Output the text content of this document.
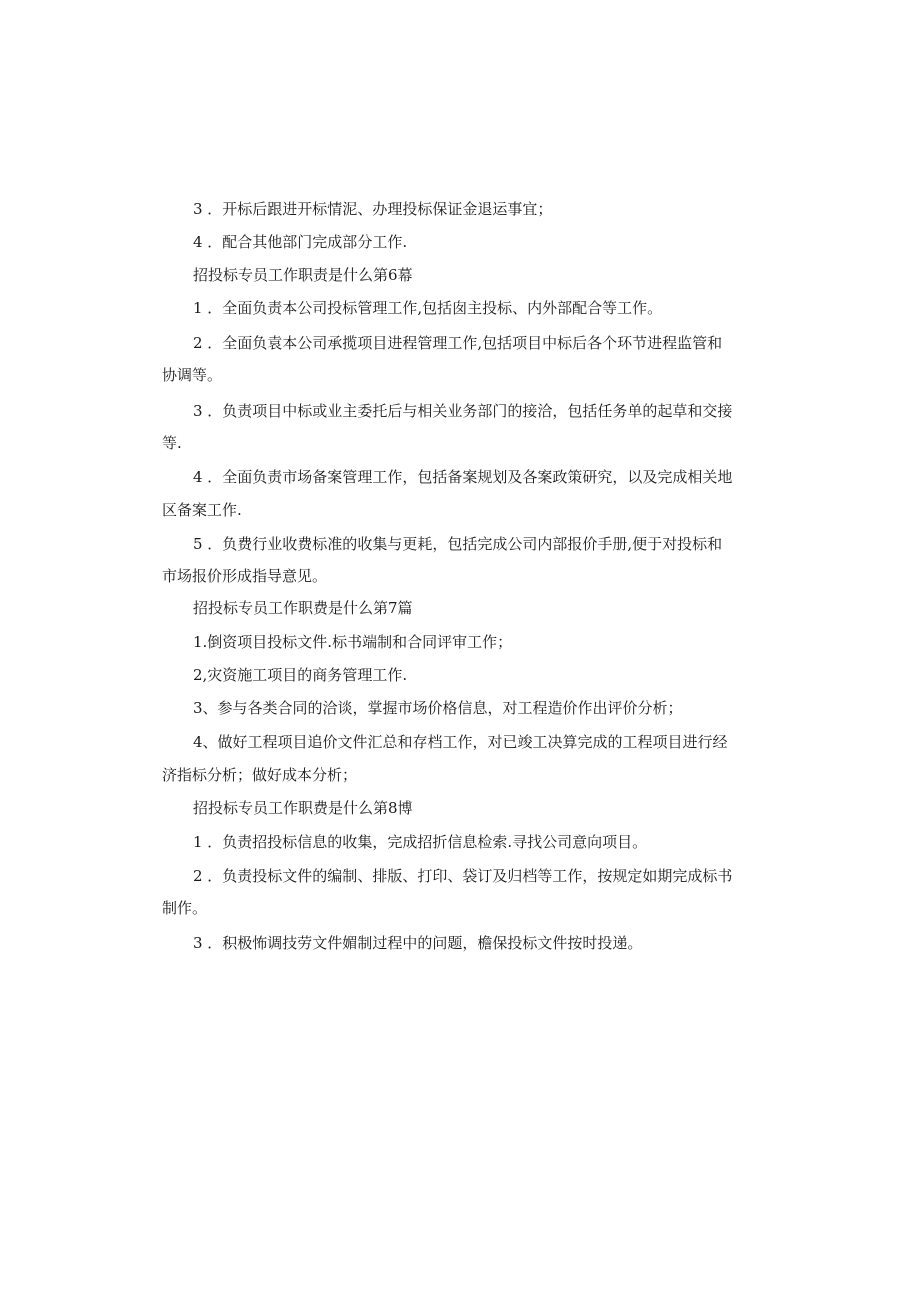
3 ．开标后跟进开标情泥、办理投标保证金退运事宜；

4 ．配合其他部门完成部分工作.

招投标专员工作职责是什么第6幕

1 ．全面负责本公司投标管理工作,包括囱主投标、内外部配合等工作。

2 ．全面负袁本公司承揽项目进程管理工作,包括项目中标后各个环节进程监管和

协调等。

3 ．负责项目中标或业主委托后与相关业务部门的接洽，包括任务单的起草和交接

等.

4 ．全面负责市场备案管理工作，包括备案规划及各案政策研究，以及完成相关地

区备案工作.

5 ．负费行业收费标准的收集与更耗，包括完成公司内部报价手册,便于对投标和

市场报价形成指导意见。

招投标专员工作职费是什么第7篇

1.倒资项目投标文件.标书端制和合同评审工作；

2,灾资施工项目的商务管理工作.

3、参与各类合同的洽谈，掌握市场价格信息，对工程造价作出评价分析；

4、做好工程项目追价文件汇总和存档工作，对已竣工决算完成的工程项目进行经

济指标分析；做好成本分析；

招投标专员工作职费是什么第8博

1 ．负责招投标信息的收集，完成招折信息检索.寻找公司意向项目。

2 ．负责投标文件的编制、排版、打印、袋订及归档等工作，按规定如期完成标书

制作。

3 ．积极怖调技劳文件媚制过程中的问题，檐保投标文件按时投递。
